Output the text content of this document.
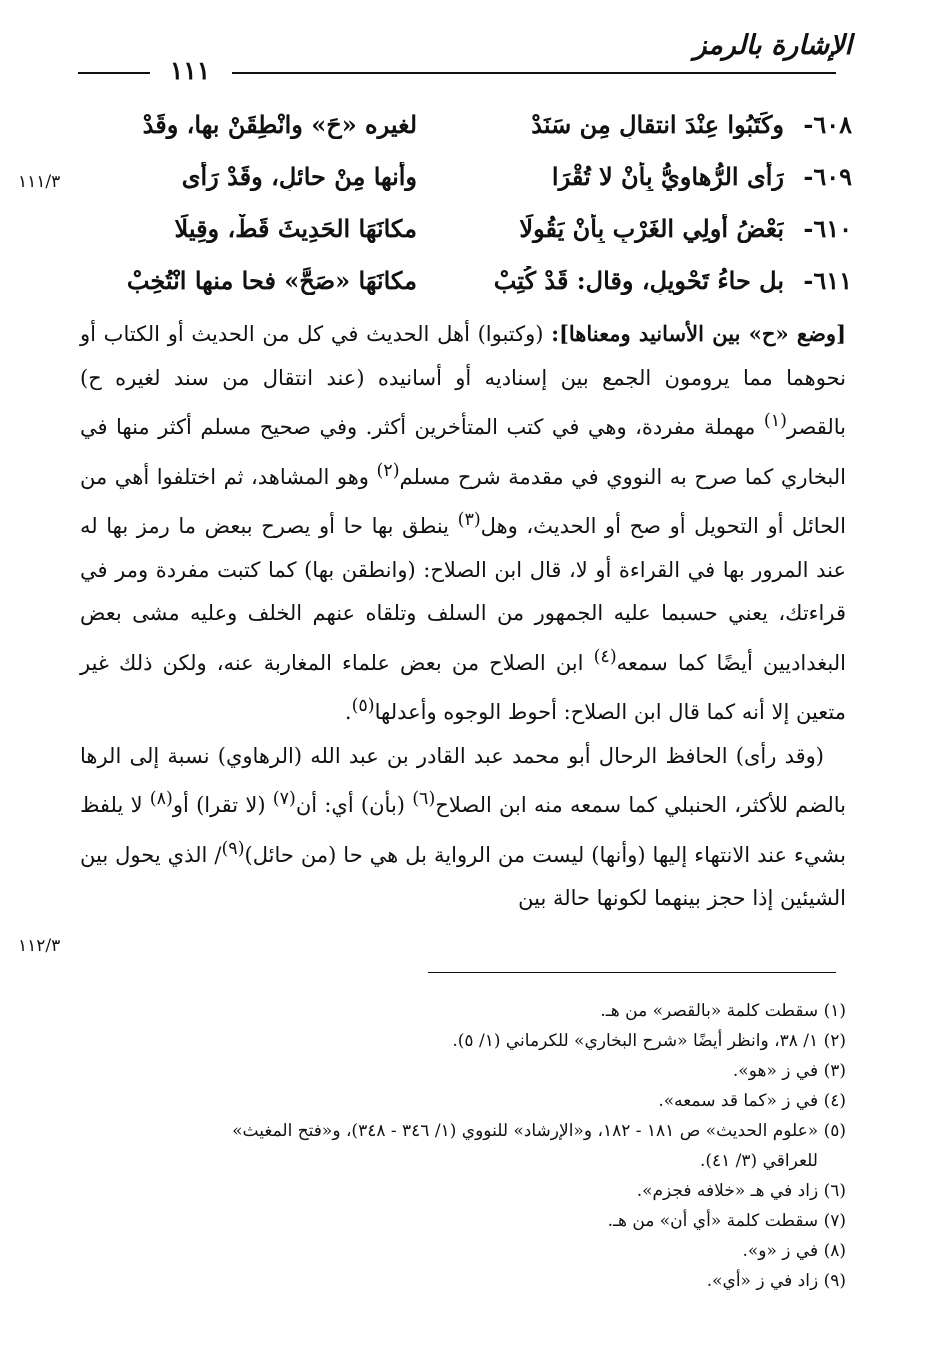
الإشارة بالرمز
١١١
٦٠٨-
وكَتَبُوا عِنْدَ انتقالٍ مِن سَنَدْ
لغيرِه «حَ» وانْطِقَنْ بها، وقَدْ
٦٠٩-
رَأَى الرُّهاوِيُّ بِأَنْ لا تُقْرَا
وأنها مِنْ حائلٍ، وقَدْ رَأَى
٦١٠-
بَعْضُ أُولِي الغَرْبِ بِأَنْ يَقُولَا
مكانَهَا الحَدِيثَ قَطْ، وقِيلَا
٦١١-
بل حاءُ تَحْوِيلٍ، وقال: قَدْ كُتِبْ
مكانَهَا «صَحَّ» فحا منها انْتُخِبْ
١١١/٣
١١٢/٣

[وضع «ح» بين الأسانيد ومعناها]: (وكتبوا) أهل الحديث في كل من الحديث أو الكتاب أو نحوهما مما يرومون الجمع بين إسناديه أو أسانيده (عند انتقال من سند لغيره ح) بالقصر$^{(١)}$ مهملة مفردة، وهي في كتب المتأخرين أكثر. وفي صحيح مسلم أكثر منها في البخاري كما صرح به النووي في مقدمة شرح مسلم$^{(٢)}$ وهو المشاهد، ثم اختلفوا أهي من الحائل أو التحويل أو صح أو الحديث، وهل$^{(٣)}$ ينطق بها حا أو يصرح ببعض ما رمز بها له عند المرور بها في القراءة أو لا، قال ابن الصلاح: (وانطقن بها) كما كتبت مفردة ومر في قراءتك، يعني حسبما عليه الجمهور من السلف وتلقاه عنهم الخلف وعليه مشى بعض البغداديين أيضًا كما سمعه$^{(٤)}$ ابن الصلاح من بعض علماء المغاربة عنه، ولكن ذلك غير متعين إلا أنه كما قال ابن الصلاح: أحوط الوجوه وأعدلها$^{(٥)}$.

(وقد رأى) الحافظ الرحال أبو محمد عبد القادر بن عبد الله (الرهاوي) نسبة إلى الرها بالضم للأكثر، الحنبلي كما سمعه منه ابن الصلاح$^{(٦)}$ (بأن) أي: أن$^{(٧)}$ (لا تقرا) أو$^{(٨)}$ لا يلفظ بشيء عند الانتهاء إليها (وأنها) ليست من الرواية بل هي حا (من حائل)$^{(٩)}$/ الذي يحول بين الشيئين إذا حجز بينهما لكونها حالة بين

(١) سقطت كلمة «بالقصر» من هـ.

(٢) ١/ ٣٨، وانظر أيضًا «شرح البخاري» للكرماني (١/ ٥).

(٣) في ز «هو».

(٤) في ز «كما قد سمعه».

(٥) «علوم الحديث» ص ١٨١ - ١٨٢، و«الإرشاد» للنووي (١/ ٣٤٦ - ٣٤٨)، و«فتح المغيث»

للعراقي (٣/ ٤١).

(٦) زاد في هـ «خلافه فجزم».

(٧) سقطت كلمة «أي أن» من هـ.

(٨) في ز «و».

(٩) زاد في ز «أي».
